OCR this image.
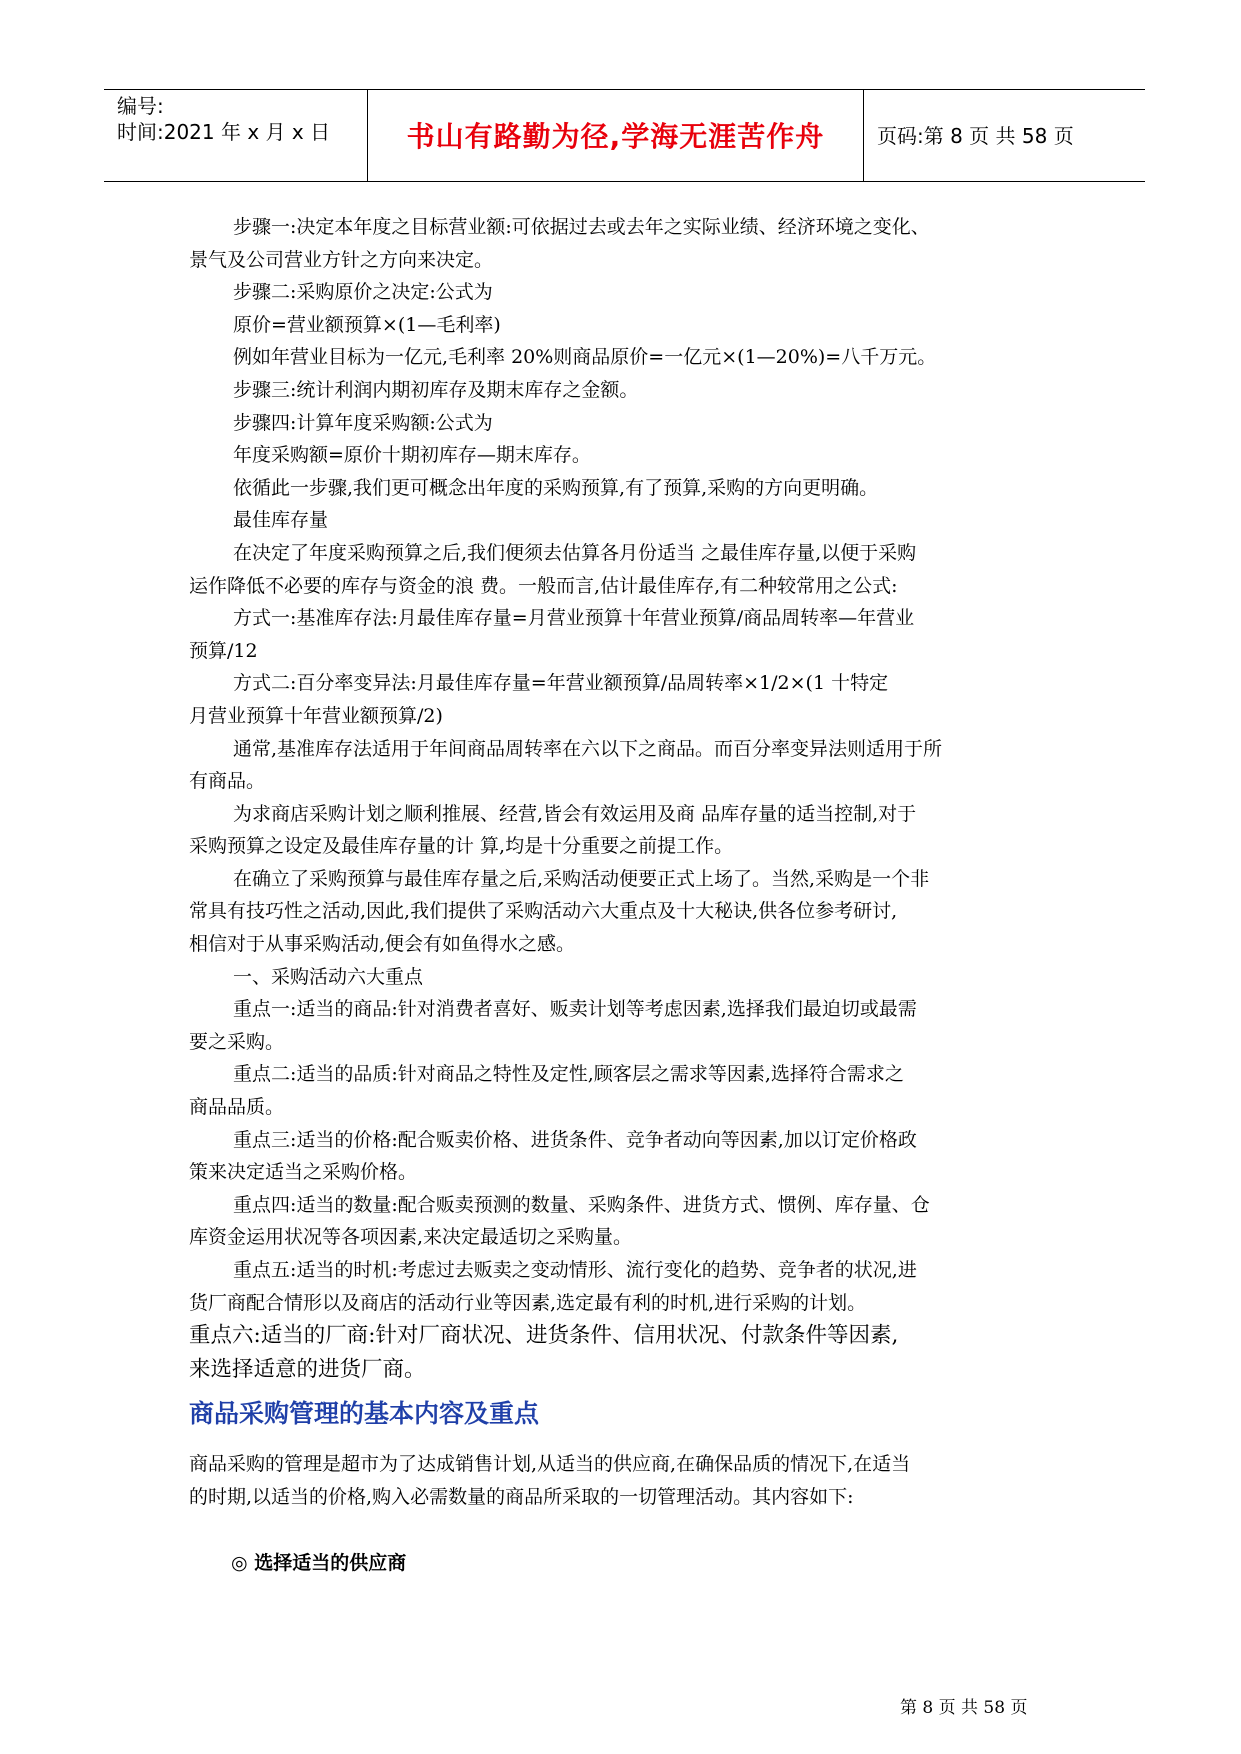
编号:
时间:2021 年 x 月 x 日	书山有路勤为径,学海无涯苦作舟	页码:第 8 页 共 58 页

步骤一:决定本年度之目标营业额:可依据过去或去年之实际业绩、经济环境之变化、

景气及公司营业方针之方向来决定。

步骤二:采购原价之决定:公式为

原价=营业额预算×(1—毛利率)

例如年营业目标为一亿元,毛利率 20%则商品原价=一亿元×(1—20%)=八千万元。

步骤三:统计利润内期初库存及期末库存之金额。

步骤四:计算年度采购额:公式为

年度采购额=原价十期初库存—期末库存。

依循此一步骤,我们更可概念出年度的采购预算,有了预算,采购的方向更明确。

最佳库存量

在决定了年度采购预算之后,我们便须去估算各月份适当 之最佳库存量,以便于采购

运作降低不必要的库存与资金的浪 费。一般而言,估计最佳库存,有二种较常用之公式:

方式一:基准库存法:月最佳库存量=月营业预算十年营业预算/商品周转率—年营业

预算/12

方式二:百分率变异法:月最佳库存量=年营业额预算/品周转率×1/2×(1 十特定

月营业预算十年营业额预算/2)

通常,基准库存法适用于年间商品周转率在六以下之商品。而百分率变异法则适用于所

有商品。

为求商店采购计划之顺利推展、经营,皆会有效运用及商 品库存量的适当控制,对于

采购预算之设定及最佳库存量的计 算,均是十分重要之前提工作。

在确立了采购预算与最佳库存量之后,采购活动便要正式上场了。当然,采购是一个非

常具有技巧性之活动,因此,我们提供了采购活动六大重点及十大秘诀,供各位参考研讨,

相信对于从事采购活动,便会有如鱼得水之感。

一、采购活动六大重点

重点一:适当的商品:针对消费者喜好、贩卖计划等考虑因素,选择我们最迫切或最需

要之采购。

重点二:适当的品质:针对商品之特性及定性,顾客层之需求等因素,选择符合需求之

商品品质。

重点三:适当的价格:配合贩卖价格、进货条件、竞争者动向等因素,加以订定价格政

策来决定适当之采购价格。

重点四:适当的数量:配合贩卖预测的数量、采购条件、进货方式、惯例、库存量、仓

库资金运用状况等各项因素,来决定最适切之采购量。

重点五:适当的时机:考虑过去贩卖之变动情形、流行变化的趋势、竞争者的状况,进

货厂商配合情形以及商店的活动行业等因素,选定最有利的时机,进行采购的计划。

重点六:适当的厂商:针对厂商状况、进货条件、信用状况、付款条件等因素,

来选择适意的进货厂商。

商品采购管理的基本内容及重点

商品采购的管理是超市为了达成销售计划,从适当的供应商,在确保品质的情况下,在适当

的时期,以适当的价格,购入必需数量的商品所采取的一切管理活动。其内容如下:

◎ 选择适当的供应商
第 8 页 共 58 页
